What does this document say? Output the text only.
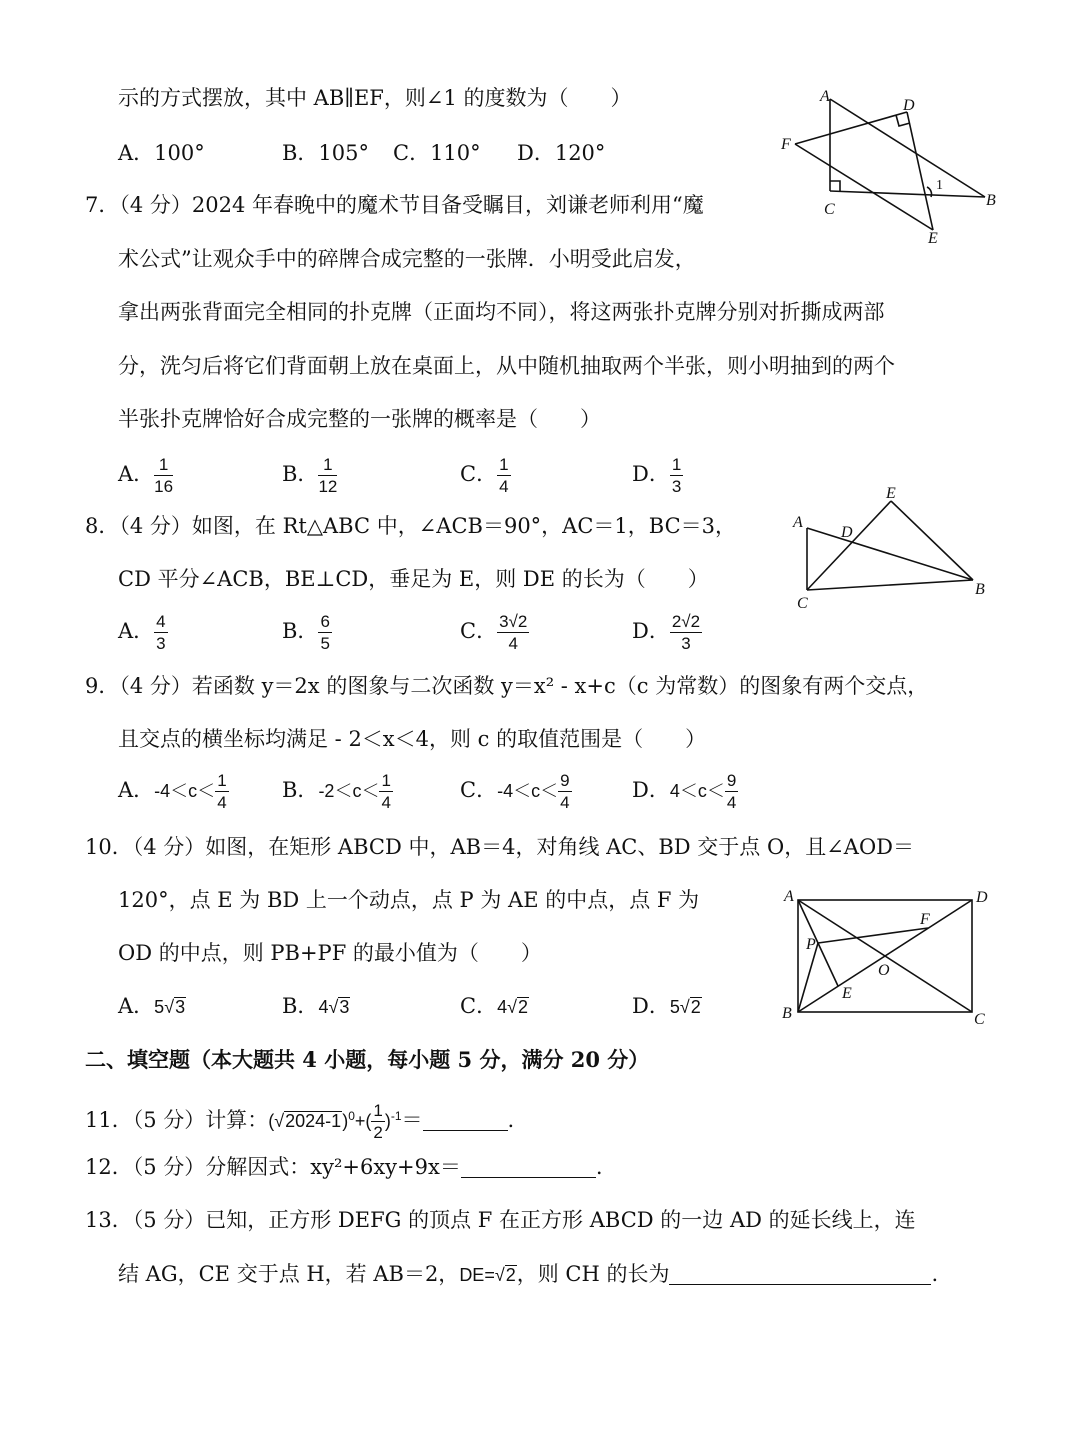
示的方式摆放，其中 AB∥EF，则∠1 的度数为（　　）
A．100°	B．105° C．110° D．120°
A
D
F
1
C
B
E
7．（4 分）2024 年春晚中的魔术节目备受瞩目，刘谦老师利用“魔
术公式”让观众手中的碎牌合成完整的一张牌．小明受此启发，
拿出两张背面完全相同的扑克牌（正面均不同），将这两张扑克牌分别对折撕成两部
分，洗匀后将它们背面朝上放在桌面上，从中随机抽取两个半张，则小明抽到的两个
半张扑克牌恰好合成完整的一张牌的概率是（　　）
A． $\frac{1}{16}$	B． $\frac{1}{12}$	C． $\frac{1}{4}$	D． $\frac{1}{3}$	E
A
D
C
B
8．（4 分）如图，在 Rt△ABC 中，∠ACB＝90°，AC＝1，BC＝3，
CD 平分∠ACB，BE⊥CD，垂足为 E，则 DE 的长为（　　）
A． $\frac{4}{3}$	B． $\frac{6}{5}$	C． $\frac{3√2}{4}$	D． $\frac{2√2}{3}$
9．（4 分）若函数 y＝2x 的图象与二次函数 y＝x² - x+c（c 为常数）的图象有两个交点，
且交点的横坐标均满足 - 2＜x＜4，则 c 的取值范围是（　　）
A．$-4<c< \frac{1}{4}$	B．$-2<c< \frac{1}{4}$	C．$-4<c< \frac{9}{4}$	D．$4<c< \frac{9}{4}$
10．（4 分）如图，在矩形 ABCD 中，AB＝4，对角线 AC、BD 交于点 O，且∠AOD＝
120°，点 E 为 BD 上一个动点，点 P 为 AE 的中点，点 F 为
OD 的中点，则 PB+PF 的最小值为（　　）
A．5√3	B．4√3	C．4√2	D．5√2
A	D
F
P
O
E
B	C
二、填空题（本大题共 4 小题，每小题 5 分，满分 20 分）
11．（5 分）计算：$(√2024-1)^0+( \frac{1}{2} )^{-1}=$	.
12．（5 分）分解因式：xy²+6xy+9x＝	.
13．（5 分）已知，正方形 DEFG 的顶点 F 在正方形 ABCD 的一边 AD 的延长线上，连
结 AG，CE 交于点 H，若 AB＝2，DE=√2，则 CH 的长为	.
